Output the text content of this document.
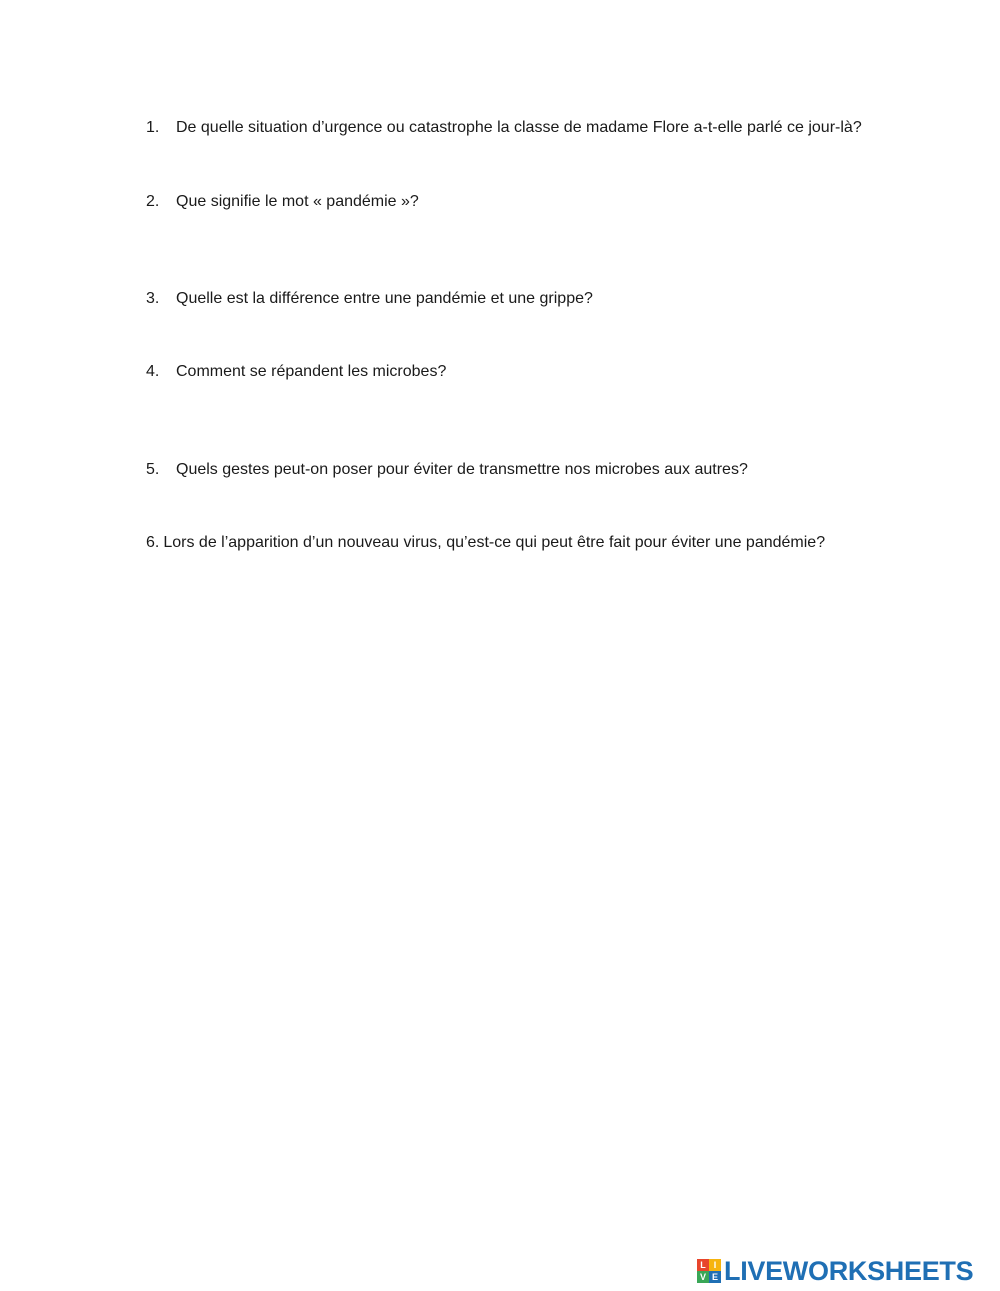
1. De quelle situation d’urgence ou catastrophe la classe de madame Flore a-t-elle parlé ce jour-là?
2. Que signifie le mot « pandémie »?
3. Quelle est la différence entre une pandémie et une grippe?
4. Comment se répandent les microbes?
5. Quels gestes peut-on poser pour éviter de transmettre nos microbes aux autres?
6. Lors de l’apparition d’un nouveau virus, qu’est-ce qui peut être fait pour éviter une pandémie?
L I
V E LIVEWORKSHEETS
